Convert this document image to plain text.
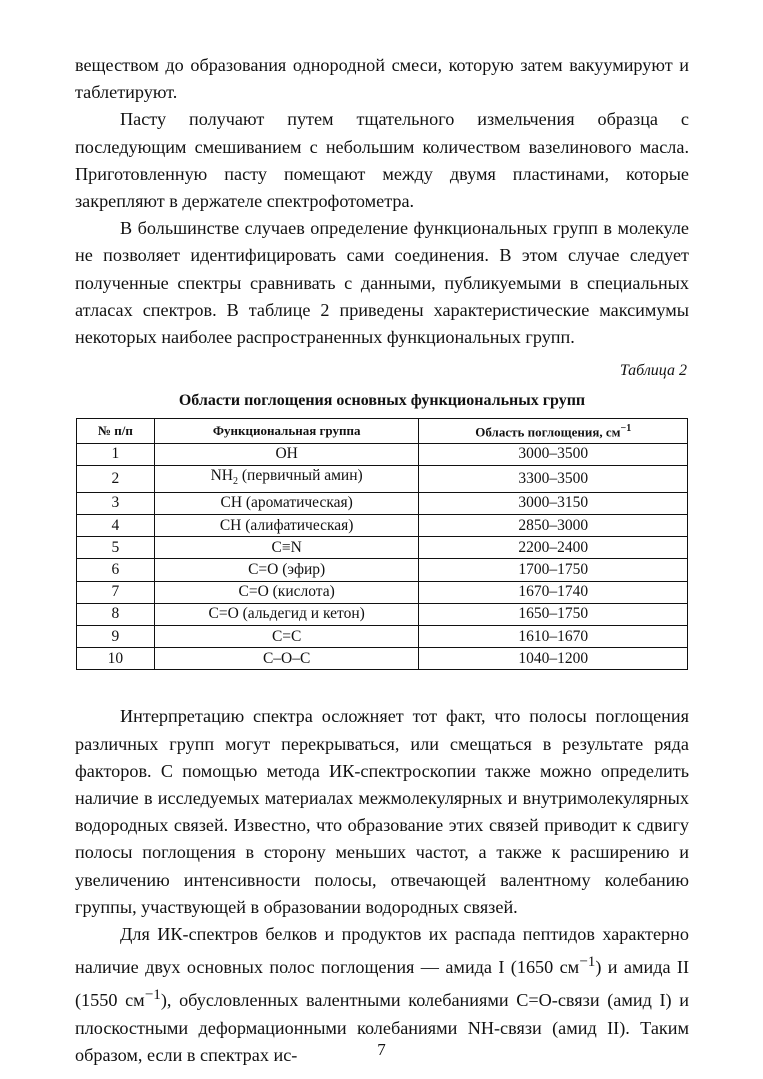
веществом до образования однородной смеси, которую затем вакуумируют и таблетируют.

Пасту получают путем тщательного измельчения образца с последующим смешиванием с небольшим количеством вазелинового масла. Приготовленную пасту помещают между двумя пластинами, которые закрепляют в держателе спектрофотометра.

В большинстве случаев определение функциональных групп в молекуле не позволяет идентифицировать сами соединения. В этом случае следует полученные спектры сравнивать с данными, публикуемыми в специальных атласах спектров. В таблице 2 приведены характеристические максимумы некоторых наиболее распространенных функциональных групп.

Таблица 2

Области поглощения основных функциональных групп

№ п/п	Функциональная группа	Область поглощения, $см^{-1}$
1	OH	3000–3500
2	$NH_2$ (первичный амин)	3300–3500
3	CH (ароматическая)	3000–3150
4	CH (алифатическая)	2850–3000
5	C≡N	2200–2400
6	C=O (эфир)	1700–1750
7	C=O (кислота)	1670–1740
8	C=O (альдегид и кетон)	1650–1750
9	C=C	1610–1670
10	C–O–C	1040–1200

Интерпретацию спектра осложняет тот факт, что полосы поглощения различных групп могут перекрываться, или смещаться в результате ряда факторов. С помощью метода ИК-спектроскопии также можно определить наличие в исследуемых материалах межмолекулярных и внутримолекулярных водородных связей. Известно, что образование этих связей приводит к сдвигу полосы поглощения в сторону меньших частот, а также к расширению и увеличению интенсивности полосы, отвечающей валентному колебанию группы, участвующей в образовании водородных связей.

Для ИК-спектров белков и продуктов их распада пептидов характерно наличие двух основных полос поглощения — амида I (1650 $см^{-1}$) и амида II (1550 $см^{-1}$), обусловленных валентными колебаниями С=О-связи (амид I) и плоскостными деформационными колебаниями NH-связи (амид II). Таким образом, если в спектрах ис-	7
